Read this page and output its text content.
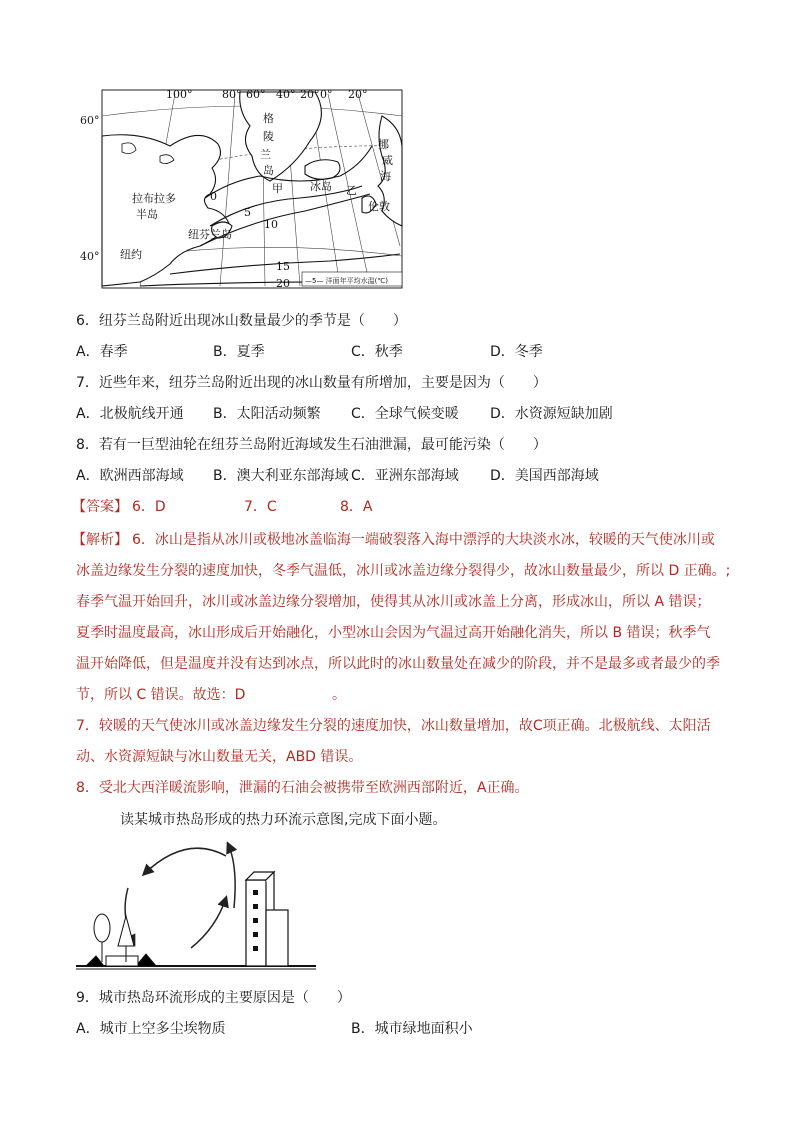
100°	80° 60° 40° 20° 0° 20°
格
陵
兰
岛
挪
威
海
冰岛
甲	乙
拉布拉多
半岛
纽芬兰岛
纽约
伦敦
0
5
10
15
20 —5— 洋面年平均水温(℃)
60°
40°
6．纽芬兰岛附近出现冰山数量最少的季节是（　　）
A．春季	B．夏季	C．秋季	D．冬季
7．近些年来，纽芬兰岛附近出现的冰山数量有所增加，主要是因为（　　）
A．北极航线开通 B．太阳活动频繁 C．全球气候变暖 D．水资源短缺加剧
8．若有一巨型油轮在纽芬兰岛附近海域发生石油泄漏，最可能污染（　　）
A．欧洲西部海域 B．澳大利亚东部海域 C．亚洲东部海域 D．美国西部海域
【答案】 6．D	7．C	8．A
【解析】 6．冰山是指从冰川或极地冰盖临海一端破裂落入海中漂浮的大块淡水冰，较暖的天气使冰川或
冰盖边缘发生分裂的速度加快，冬季气温低，冰川或冰盖边缘分裂得少，故冰山数量最少，所以 D 正确。;
春季气温开始回升，冰川或冰盖边缘分裂增加，使得其从冰川或冰盖上分离，形成冰山，所以 A 错误；
夏季时温度最高，冰山形成后开始融化，小型冰山会因为气温过高开始融化消失，所以 B 错误；秋季气
温开始降低，但是温度并没有达到冰点，所以此时的冰山数量处在减少的阶段，并不是最多或者最少的季
节，所以 C 错误。故选：D	。
7．较暖的天气使冰川或冰盖边缘发生分裂的速度加快，冰山数量增加，故C项正确。北极航线、太阳活
动、水资源短缺与冰山数量无关，ABD 错误。
8．受北大西洋暖流影响，泄漏的石油会被携带至欧洲西部附近，A正确。
读某城市热岛形成的热力环流示意图,完成下面小题。
9．城市热岛环流形成的主要原因是（　　）
A．城市上空多尘埃物质	B．城市绿地面积小
